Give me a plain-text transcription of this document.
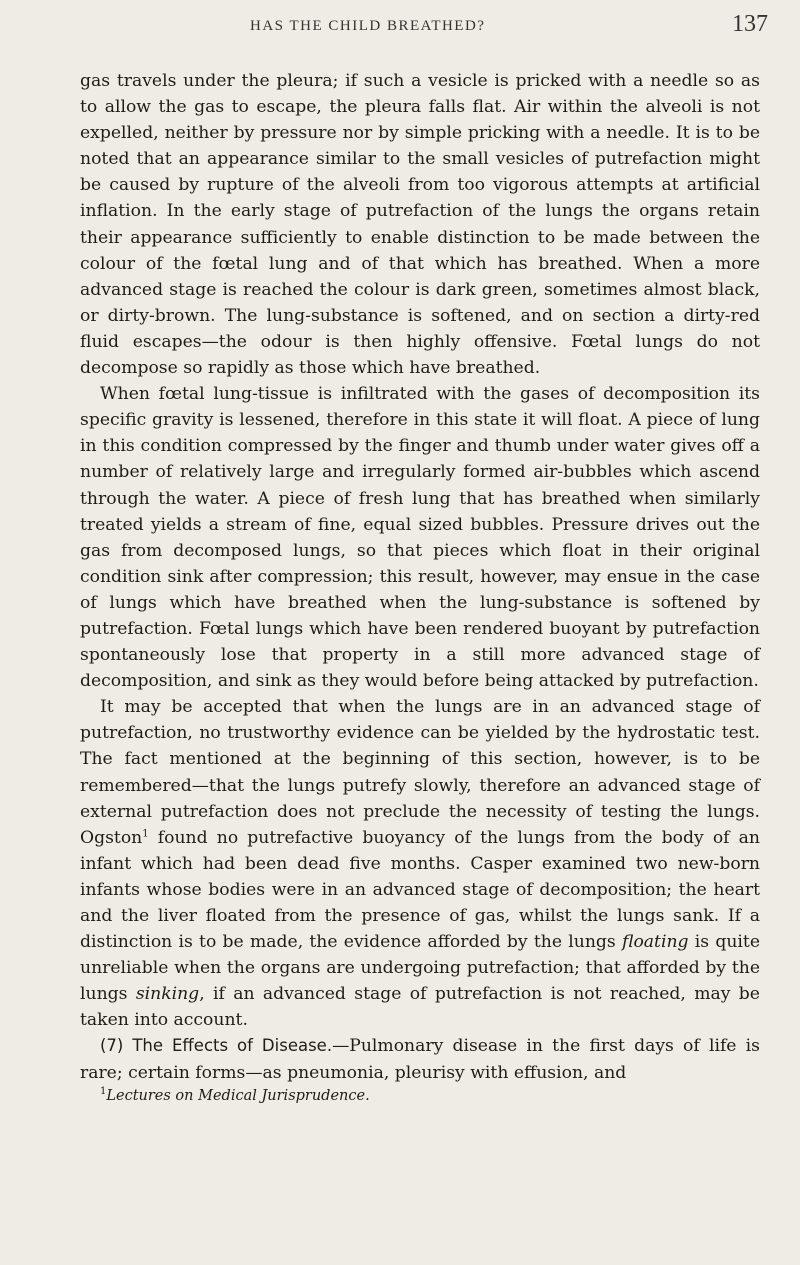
HAS THE CHILD BREATHED?	137

gas travels under the pleura; if such a vesicle is pricked with a needle so as to allow the gas to escape, the pleura falls flat. Air within the alveoli is not expelled, neither by pressure nor by simple pricking with a needle. It is to be noted that an appearance similar to the small vesicles of putrefaction might be caused by rupture of the alveoli from too vigorous attempts at artificial inflation. In the early stage of putrefaction of the lungs the organs retain their appearance sufficiently to enable distinction to be made between the colour of the fœtal lung and of that which has breathed. When a more advanced stage is reached the colour is dark green, sometimes almost black, or dirty-brown. The lung-substance is softened, and on section a dirty-red fluid escapes—the odour is then highly offensive. Fœtal lungs do not decompose so rapidly as those which have breathed.

When fœtal lung-tissue is infiltrated with the gases of decomposition its specific gravity is lessened, therefore in this state it will float. A piece of lung in this condition compressed by the finger and thumb under water gives off a number of relatively large and irregularly formed air-bubbles which ascend through the water. A piece of fresh lung that has breathed when similarly treated yields a stream of fine, equal sized bubbles. Pressure drives out the gas from decomposed lungs, so that pieces which float in their original condition sink after compression; this result, however, may ensue in the case of lungs which have breathed when the lung-substance is softened by putrefaction. Fœtal lungs which have been rendered buoyant by putrefaction spontaneously lose that property in a still more advanced stage of decomposition, and sink as they would before being attacked by putrefaction.

It may be accepted that when the lungs are in an advanced stage of putrefaction, no trustworthy evidence can be yielded by the hydrostatic test. The fact mentioned at the beginning of this section, however, is to be remembered—that the lungs putrefy slowly, therefore an advanced stage of external putrefaction does not preclude the necessity of testing the lungs. Ogston$^1$ found no putrefactive buoyancy of the lungs from the body of an infant which had been dead five months. Casper examined two new-born infants whose bodies were in an advanced stage of decomposition; the heart and the liver floated from the presence of gas, whilst the lungs sank. If a distinction is to be made, the evidence afforded by the lungs floating is quite unreliable when the organs are undergoing putrefaction; that afforded by the lungs sinking, if an advanced stage of putrefaction is not reached, may be taken into account.

(7) The Effects of Disease.—Pulmonary disease in the first days of life is rare; certain forms—as pneumonia, pleurisy with effusion, and

$^1$Lectures on Medical Jurisprudence.
